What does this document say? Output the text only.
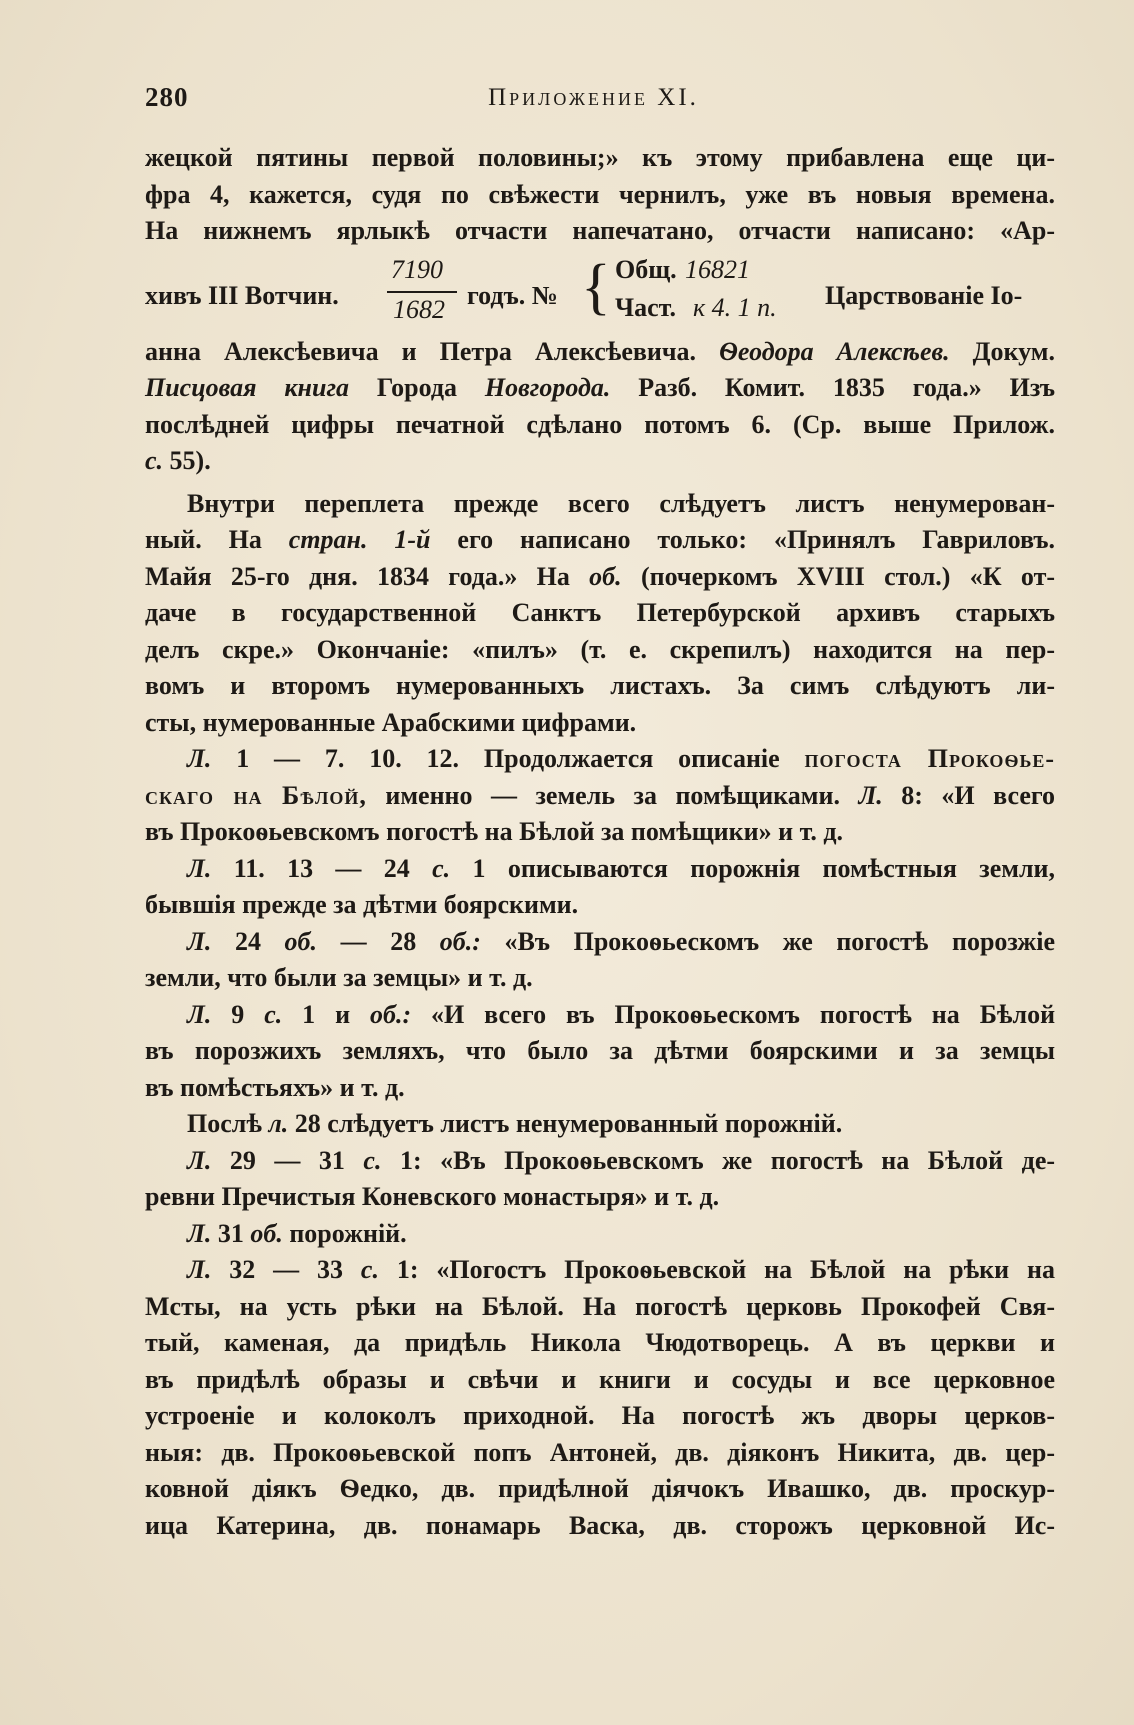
280	Приложение XI.

жецкой пятины первой половины;» къ этому прибавлена еще ци-

фра 4, кажется, судя по свѣжести чернилъ, уже въ новыя времена.

На нижнемъ ярлыкѣ отчасти напечатано, отчасти написано: «Ар-

хивъ III Вотчин.
7190
1682 годъ. № { Общ. 16821
Част. к 4. 1 п. Царствованіе Іо-

анна Алексѣевича и Петра Алексѣевича. Ѳеодора Алексѣев. Докум.

Писцовая книга Города Новгорода. Разб. Комит. 1835 года.» Изъ

послѣдней цифры печатной сдѣлано потомъ 6. (Ср. выше Прилож.

с. 55).

Внутри переплета прежде всего слѣдуетъ листъ ненумерован-

ный. На стран. 1-й его написано только: «Принялъ Гавриловъ.

Майя 25-го дня. 1834 года.» На об. (почеркомъ XVIII стол.) «К от-

даче в государственной Санктъ Петербурской архивъ старыхъ

делъ скре.» Окончаніе: «пилъ» (т. е. скрепилъ) находится на пер-

вомъ и второмъ нумерованныхъ листахъ. За симъ слѣдуютъ ли-

сты, нумерованные Арабскими цифрами.

Л. 1 — 7. 10. 12. Продолжается описаніе погоста Прокоѳье-

скаго на Бѣлой, именно — земель за помѣщиками. Л. 8: «И всего

въ Прокоѳьевскомъ погостѣ на Бѣлой за помѣщики» и т. д.

Л. 11. 13 — 24 с. 1 описываются порожнія помѣстныя земли,

бывшія прежде за дѣтми боярскими.

Л. 24 об. — 28 об.: «Въ Прокоѳьескомъ же погостѣ порозжіе

земли, что были за земцы» и т. д.

Л. 9 с. 1 и об.: «И всего въ Прокоѳьескомъ погостѣ на Бѣлой

въ порозжихъ земляхъ, что было за дѣтми боярскими и за земцы

въ помѣстьяхъ» и т. д.

Послѣ л. 28 слѣдуетъ листъ ненумерованный порожній.

Л. 29 — 31 с. 1: «Въ Прокоѳьевскомъ же погостѣ на Бѣлой де-

ревни Пречистыя Коневского монастыря» и т. д.

Л. 31 об. порожній.

Л. 32 — 33 с. 1: «Погостъ Прокоѳьевской на Бѣлой на рѣки на

Мсты, на усть рѣки на Бѣлой. На погостѣ церковь Прокофей Свя-

тый, каменая, да придѣль Никола Чюдотворець. А въ церкви и

въ придѣлѣ образы и свѣчи и книги и сосуды и все церковное

устроеніе и колоколъ приходной. На погостѣ жъ дворы церков-

ныя: дв. Прокоѳьевской попъ Антоней, дв. діяконъ Никита, дв. цер-

ковной діякъ Ѳедко, дв. придѣлной діячокъ Ивашко, дв. проскур-

ица Катерина, дв. понамарь Васка, дв. сторожъ церковной Ис-
